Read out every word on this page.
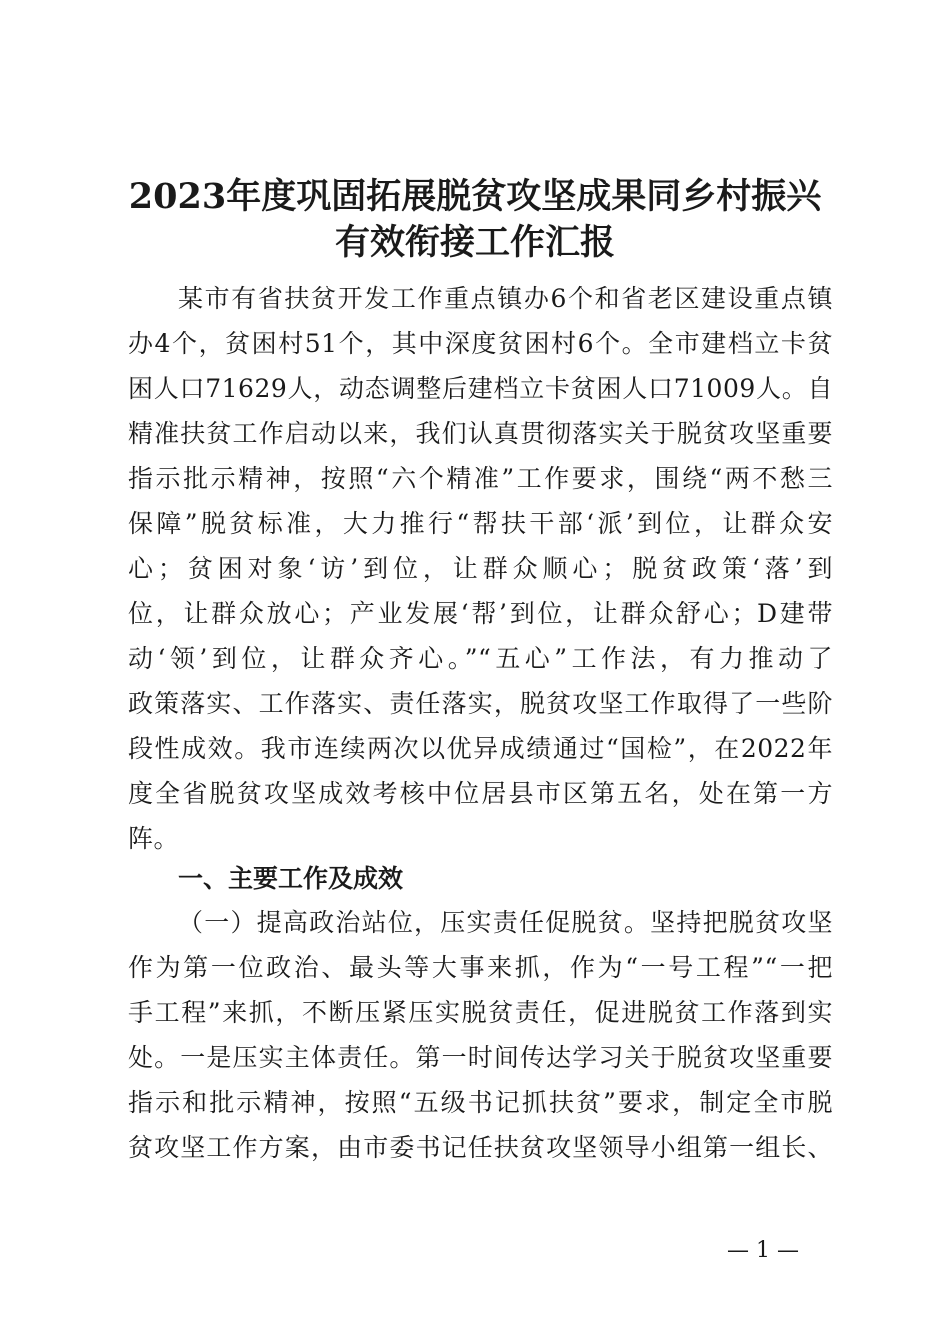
2023年度巩固拓展脱贫攻坚成果同乡村振兴
有效衔接工作汇报
某市有省扶贫开发工作重点镇办6个和省老区建设重点镇
办4个，贫困村51个，其中深度贫困村6个。全市建档立卡贫
困人口71629人，动态调整后建档立卡贫困人口71009人。自
精准扶贫工作启动以来，我们认真贯彻落实关于脱贫攻坚重要
指示批示精神，按照“六个精准”工作要求，围绕“两不愁三
保障”脱贫标准，大力推行“帮扶干部‘派’到位，让群众安
心；贫困对象‘访’到位，让群众顺心；脱贫政策‘落’到
位，让群众放心；产业发展‘帮’到位，让群众舒心；D建带
动‘领’到位，让群众齐心。”“五心”工作法，有力推动了
政策落实、工作落实、责任落实，脱贫攻坚工作取得了一些阶
段性成效。我市连续两次以优异成绩通过“国检”，在2022年
度全省脱贫攻坚成效考核中位居县市区第五名，处在第一方
阵。
一、主要工作及成效
（一）提高政治站位，压实责任促脱贫。坚持把脱贫攻坚
作为第一位政治、最头等大事来抓，作为“一号工程”“一把
手工程”来抓，不断压紧压实脱贫责任，促进脱贫工作落到实
处。一是压实主体责任。第一时间传达学习关于脱贫攻坚重要
指示和批示精神，按照“五级书记抓扶贫”要求，制定全市脱
贫攻坚工作方案，由市委书记任扶贫攻坚领导小组第一组长、
— 1 —
